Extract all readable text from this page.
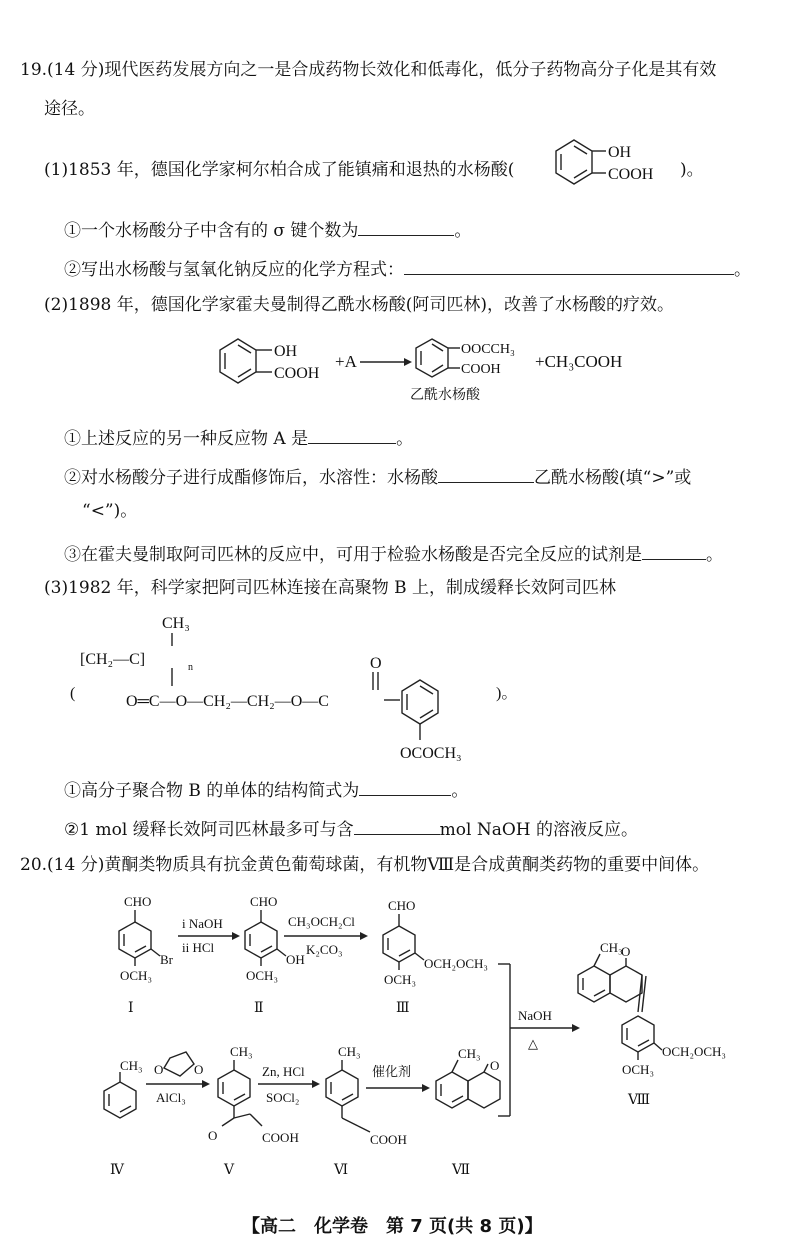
19.(14 分)现代医药发展方向之一是合成药物长效化和低毒化，低分子药物高分子化是其有效
途径。
(1)1853 年，德国化学家柯尔柏合成了能镇痛和退热的水杨酸(
OH
COOH )。
①一个水杨酸分子中含有的 σ 键个数为	。
②写出水杨酸与氢氧化钠反应的化学方程式：	。
(2)1898 年，德国化学家霍夫曼制得乙酰水杨酸(阿司匹林)，改善了水杨酸的疗效。
OH
COOH
+A
OOCCH₃
COOH
乙酰水杨酸
+CH₃COOH
①上述反应的另一种反应物 A 是	。
②对水杨酸分子进行成酯修饰后，水溶性：水杨酸	乙酰水杨酸(填“>”或
“<”)。
③在霍夫曼制取阿司匹林的反应中，可用于检验水杨酸是否完全反应的试剂是	。
(3)1982 年，科学家把阿司匹林连接在高聚物 B 上，制成缓释长效阿司匹林
CH₃
[CH₂—C]	n
(	O═C—O—CH₂—CH₂—O—C
O
OCOCH₃
)。
①高分子聚合物 B 的单体的结构简式为	。
②1 mol 缓释长效阿司匹林最多可与含	mol NaOH 的溶液反应。
20.(14 分)黄酮类物质具有抗金黄色葡萄球菌，有机物Ⅷ是合成黄酮类药物的重要中间体。
CHO
Br
OCH₃
Ⅰ
i NaOH
ii HCl
CHO
OH
OCH₃
Ⅱ
CH₃OCH₂Cl
K₂CO₃
CHO
OCH₂OCH₃
OCH₃
Ⅲ	NaOH
△
CH₃
O
OCH₂OCH₃
OCH₃
Ⅷ
CH₃
Ⅳ
O O
AlCl₃
CH₃
O	COOH
Ⅴ
Zn, HCl
SOCl₂
CH₃
COOH
Ⅵ
催化剂
CH₃
O
Ⅶ
【高二　化学卷　第 7 页(共 8 页)】
